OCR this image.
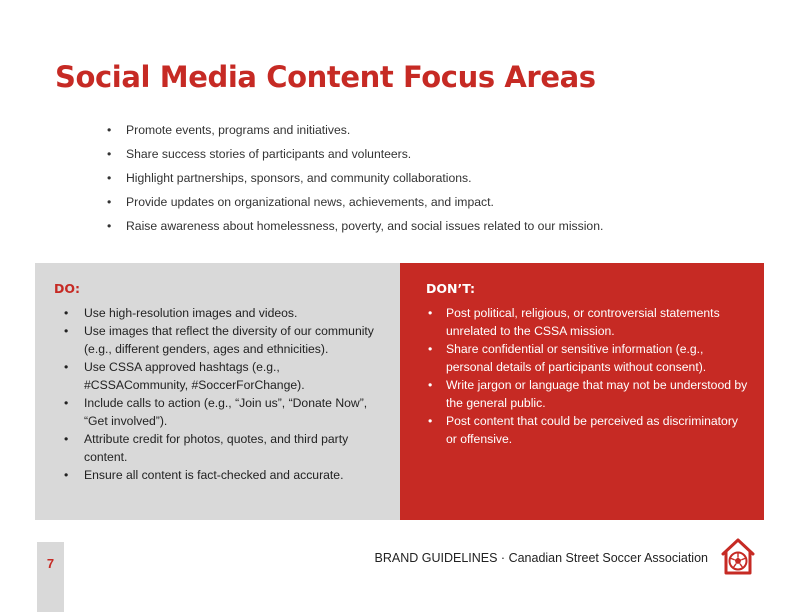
Social Media Content Focus Areas
• Promote events, programs and initiatives.
• Share success stories of participants and volunteers.
• Highlight partnerships, sponsors, and community collaborations.
• Provide updates on organizational news, achievements, and impact.
• Raise awareness about homelessness, poverty, and social issues related to our mission.
DO:
•	Use high-resolution images and videos.
•	Use images that reflect the diversity of our community (e.g., different genders, ages and ethnicities).
•	Use CSSA approved hashtags (e.g., #CSSACommunity, #SoccerForChange).
•	Include calls to action (e.g., “Join us”, “Donate Now”, “Get involved”).
•	Attribute credit for photos, quotes, and third party content.
•	Ensure all content is fact-checked and accurate.
DON’T:
•	Post political, religious, or controversial statements unrelated to the CSSA mission.
•	Share confidential or sensitive information (e.g., personal details of participants without consent).
•	Write jargon or language that may not be understood by the general public.
•	Post content that could be perceived as discriminatory or offensive.
7	BRAND GUIDELINES · Canadian Street Soccer Association
